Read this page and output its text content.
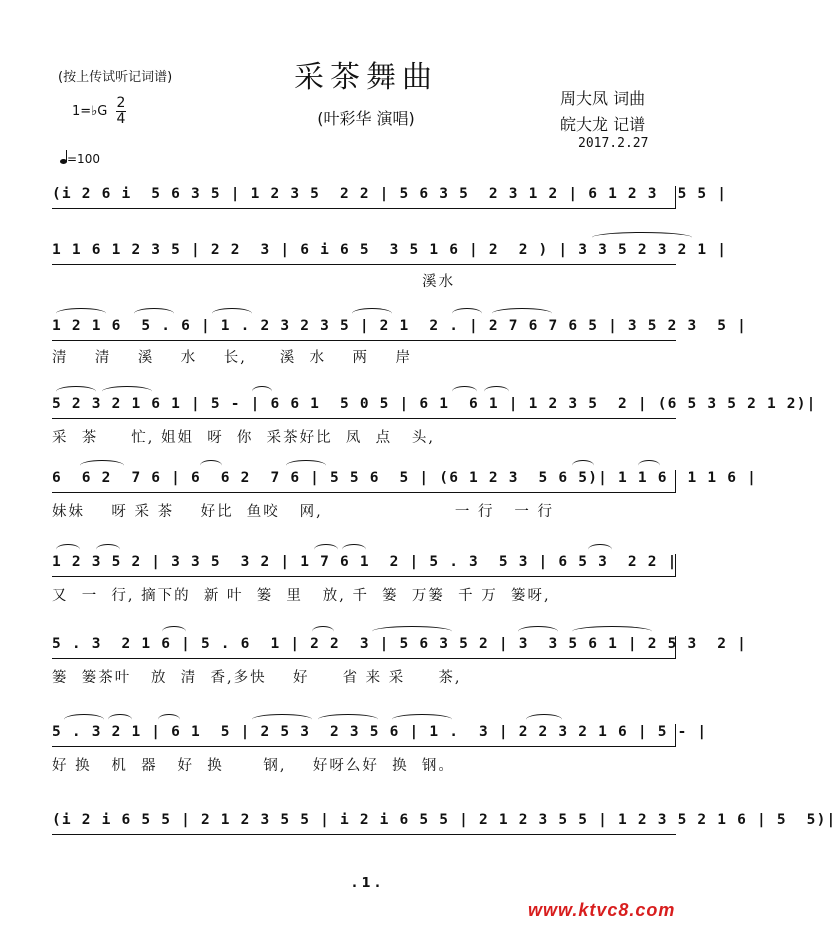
(按上传试听记词谱)	采茶舞曲
(叶彩华 演唱)
周大凤 词曲
皖大龙 记谱
2017.2.27
1=♭G
2
4
=100
(i 2 6 i  5 6 3 5 | 1 2 3 5  2 2 | 5 6 3 5  2 3 1 2 | 6 1 2 3  5 5 |
1 1 6 1 2 3 5 | 2 2  3 | 6 i 6 5  3 5 1 6 | 2  2 ) | 3 3 5 2 3 2 1 |
溪水
1 2 1 6  5 . 6 | 1 . 2 3 2 3 5 | 2 1  2 . | 2 7 6 7 6 5 | 3 5 2 3  5 |
清    清    溪    水    长,     溪  水    两    岸
5 2 3 2 1 6 1 | 5 - | 6 6 1  5 0 5 | 6 1  6 1 | 1 2 3 5  2 | (6 5 3 5 2 1 2)|
采  茶     忙, 姐姐  呀  你  采茶好比  凤  点   头,
6  6 2  7 6 | 6  6 2  7 6 | 5 5 6  5 | (6 1 2 3  5 6 5)| 1 1 6  1 1 6 |
妹妹    呀 采 茶    好比  鱼咬   网,                    一 行   一 行
1 2 3 5 2 | 3 3 5  3 2 | 1 7 6 1  2 | 5 . 3  5 3 | 6 5 3  2 2 |
又  一  行, 摘下的  新 叶  篓  里   放, 千  篓  万篓  千 万  篓呀,
5 . 3  2 1 6 | 5 . 6  1 | 2 2  3 | 5 6 3 5 2 | 3  3 5 6 1 | 2 5 3  2 |
篓  篓茶叶   放  清  香,多快    好     省 来 采     茶,
5 . 3 2 1 | 6 1  5 | 2 5 3  2 3 5 6 | 1 .  3 | 2 2 3 2 1 6 | 5 - |
好 换   机  器   好  换      钢,    好呀么好  换  钢。
(i 2 i 6 5 5 | 2 1 2 3 5 5 | i 2 i 6 5 5 | 2 1 2 3 5 5 | 1 2 3 5 2 1 6 | 5  5)|
. 1 .
www.ktvc8.com
